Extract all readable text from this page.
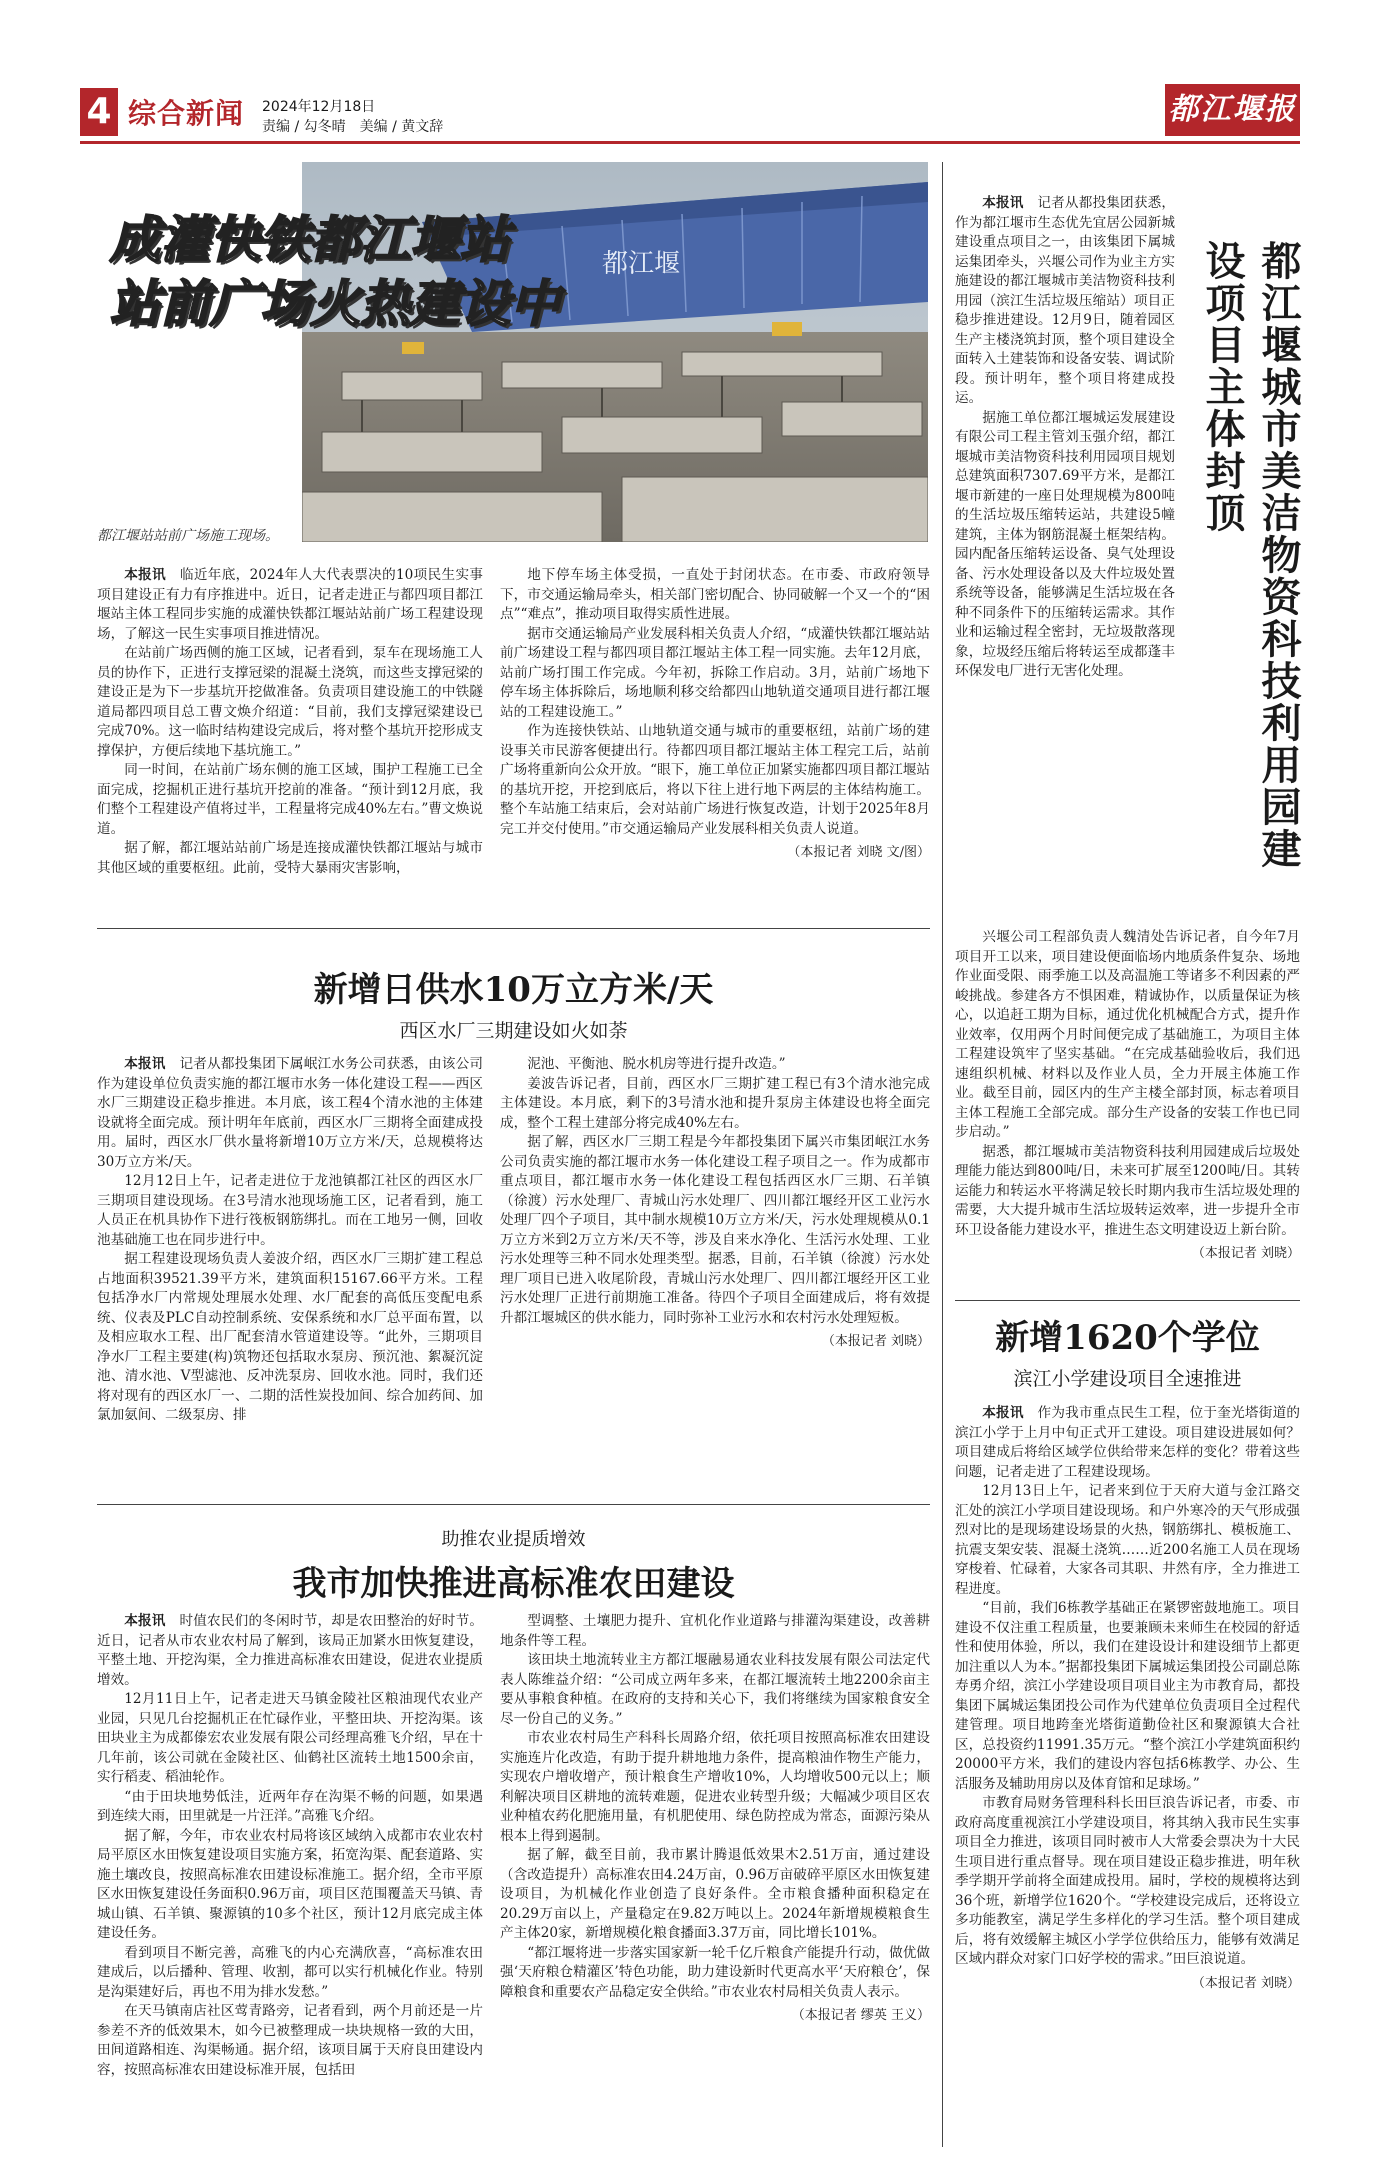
4 综合新闻 2024年12月18日
责编 / 勾冬晴　美编 / 黄文辞	都江堰报
都江堰
成灌快铁都江堰站
站前广场火热建设中
都江堰站站前广场施工现场。

本报讯　 临近年底，2024年人大代表票决的10项民生实事项目建设正有力有序推进中。近日，记者走进正与都四项目都江堰站主体工程同步实施的成灌快铁都江堰站站前广场工程建设现场，了解这一民生实事项目推进情况。

在站前广场西侧的施工区域，记者看到，泵车在现场施工人员的协作下，正进行支撑冠梁的混凝土浇筑，而这些支撑冠梁的建设正是为下一步基坑开挖做准备。负责项目建设施工的中铁隧道局都四项目总工曹文焕介绍道：“目前，我们支撑冠梁建设已完成70%。这一临时结构建设完成后，将对整个基坑开挖形成支撑保护，方便后续地下基坑施工。”

同一时间，在站前广场东侧的施工区域，围护工程施工已全面完成，挖掘机正进行基坑开挖前的准备。“预计到12月底，我们整个工程建设产值将过半，工程量将完成40%左右。”曹文焕说道。

据了解，都江堰站站前广场是连接成灌快铁都江堰站与城市其他区域的重要枢纽。此前，受特大暴雨灾害影响，

地下停车场主体受损，一直处于封闭状态。在市委、市政府领导下，市交通运输局牵头，相关部门密切配合、协同破解一个又一个的“困点”“难点”，推动项目取得实质性进展。

据市交通运输局产业发展科相关负责人介绍，“成灌快铁都江堰站站前广场建设工程与都四项目都江堰站主体工程一同实施。去年12月底，站前广场打围工作完成。今年初，拆除工作启动。3月，站前广场地下停车场主体拆除后，场地顺利移交给都四山地轨道交通项目进行都江堰站的工程建设施工。”

作为连接快铁站、山地轨道交通与城市的重要枢纽，站前广场的建设事关市民游客便捷出行。待都四项目都江堰站主体工程完工后，站前广场将重新向公众开放。“眼下，施工单位正加紧实施都四项目都江堰站的基坑开挖，开挖到底后，将以下往上进行地下两层的主体结构施工。整个车站施工结束后，会对站前广场进行恢复改造，计划于2025年8月完工并交付使用。”市交通运输局产业发展科相关负责人说道。

（本报记者 刘晓 文/图）

新增日供水10万立方米/天
西区水厂三期建设如火如荼

本报讯　 记者从都投集团下属岷江水务公司获悉，由该公司作为建设单位负责实施的都江堰市水务一体化建设工程——西区水厂三期建设正稳步推进。本月底，该工程4个清水池的主体建设就将全面完成。预计明年年底前，西区水厂三期将全面建成投用。届时，西区水厂供水量将新增10万立方米/天，总规模将达30万立方米/天。

12月12日上午，记者走进位于龙池镇都江社区的西区水厂三期项目建设现场。在3号清水池现场施工区，记者看到，施工人员正在机具协作下进行筏板钢筋绑扎。而在工地另一侧，回收池基础施工也在同步进行中。

据工程建设现场负责人姜波介绍，西区水厂三期扩建工程总占地面积39521.39平方米，建筑面积15167.66平方米。工程包括净水厂内常规处理展水处理、水厂配套的高低压变配电系统、仪表及PLC自动控制系统、安保系统和水厂总平面布置，以及相应取水工程、出厂配套清水管道建设等。“此外，三期项目净水厂工程主要建(构)筑物还包括取水泵房、预沉池、絮凝沉淀池、清水池、V型滤池、反冲洗泵房、回收水池。同时，我们还将对现有的西区水厂一、二期的活性炭投加间、综合加药间、加氯加氨间、二级泵房、排

泥池、平衡池、脱水机房等进行提升改造。”

姜波告诉记者，目前，西区水厂三期扩建工程已有3个清水池完成主体建设。本月底，剩下的3号清水池和提升泵房主体建设也将全面完成，整个工程土建部分将完成40%左右。

据了解，西区水厂三期工程是今年都投集团下属兴市集团岷江水务公司负责实施的都江堰市水务一体化建设工程子项目之一。作为成都市重点项目，都江堰市水务一体化建设工程包括西区水厂三期、石羊镇（徐渡）污水处理厂、青城山污水处理厂、四川都江堰经开区工业污水处理厂四个子项目，其中制水规模10万立方米/天，污水处理规模从0.1万立方米到2万立方米/天不等，涉及自来水净化、生活污水处理、工业污水处理等三种不同水处理类型。据悉，目前，石羊镇（徐渡）污水处理厂项目已进入收尾阶段，青城山污水处理厂、四川都江堰经开区工业污水处理厂正进行前期施工准备。待四个子项目全面建成后，将有效提升都江堰城区的供水能力，同时弥补工业污水和农村污水处理短板。

（本报记者 刘晓）

助推农业提质增效
我市加快推进高标准农田建设

本报讯　 时值农民们的冬闲时节，却是农田整治的好时节。近日，记者从市农业农村局了解到，该局正加紧水田恢复建设，平整土地、开挖沟渠，全力推进高标准农田建设，促进农业提质增效。

12月11日上午，记者走进天马镇金陵社区粮油现代农业产业园，只见几台挖掘机正在忙碌作业，平整田块、开挖沟渠。该田块业主为成都傣宏农业发展有限公司经理高雅飞介绍，早在十几年前，该公司就在金陵社区、仙鹤社区流转土地1500余亩，实行稻麦、稻油轮作。

“由于田块地势低洼，近两年存在沟渠不畅的问题，如果遇到连续大雨，田里就是一片汪洋。”高雅飞介绍。

据了解，今年，市农业农村局将该区域纳入成都市农业农村局平原区水田恢复建设项目实施方案，拓宽沟渠、配套道路、实施土壤改良，按照高标准农田建设标准施工。据介绍，全市平原区水田恢复建设任务面积0.96万亩，项目区范围覆盖天马镇、青城山镇、石羊镇、聚源镇的10多个社区，预计12月底完成主体建设任务。

看到项目不断完善，高雅飞的内心充满欣喜，“高标准农田建成后，以后播种、管理、收割，都可以实行机械化作业。特别是沟渠建好后，再也不用为排水发愁。”

在天马镇南店社区莺青路旁，记者看到，两个月前还是一片参差不齐的低效果木，如今已被整理成一块块规格一致的大田，田间道路相连、沟渠畅通。据介绍，该项目属于天府良田建设内容，按照高标准农田建设标准开展，包括田

型调整、土壤肥力提升、宜机化作业道路与排灌沟渠建设，改善耕地条件等工程。

该田块土地流转业主方都江堰融易通农业科技发展有限公司法定代表人陈维益介绍：“公司成立两年多来，在都江堰流转土地2200余亩主要从事粮食种植。在政府的支持和关心下，我们将继续为国家粮食安全尽一份自己的义务。”

市农业农村局生产科科长周路介绍，依托项目按照高标准农田建设实施连片化改造，有助于提升耕地地力条件，提高粮油作物生产能力，实现农户增收增产，预计粮食生产增收10%，人均增收500元以上；顺利解决项目区耕地的流转难题，促进农业转型升级；大幅减少项目区农业种植农药化肥施用量，有机肥使用、绿色防控成为常态，面源污染从根本上得到遏制。

据了解，截至目前，我市累计腾退低效果木2.51万亩，通过建设（含改造提升）高标准农田4.24万亩，0.96万亩破碎平原区水田恢复建设项目，为机械化作业创造了良好条件。全市粮食播种面积稳定在20.29万亩以上，产量稳定在9.82万吨以上。2024年新增规模粮食生产主体20家，新增规模化粮食播面3.37万亩，同比增长101%。

“都江堰将进一步落实国家新一轮千亿斤粮食产能提升行动，做优做强‘天府粮仓精灌区’特色功能，助力建设新时代更高水平‘天府粮仓’，保障粮食和重要农产品稳定安全供给。”市农业农村局相关负责人表示。

（本报记者 缪英 王义）

都江堰城市美洁物资科技利用园建设项目主体封顶

本报讯　 记者从都投集团获悉，作为都江堰市生态优先宜居公园新城建设重点项目之一，由该集团下属城运集团牵头，兴堰公司作为业主方实施建设的都江堰城市美洁物资科技利用园（滨江生活垃圾压缩站）项目正稳步推进建设。12月9日，随着园区生产主楼浇筑封顶，整个项目建设全面转入土建装饰和设备安装、调试阶段。预计明年，整个项目将建成投运。

据施工单位都江堰城运发展建设有限公司工程主管刘玉强介绍，都江堰城市美洁物资科技利用园项目规划总建筑面积7307.69平方米，是都江堰市新建的一座日处理规模为800吨的生活垃圾压缩转运站，共建设5幢建筑，主体为钢筋混凝土框架结构。园内配备压缩转运设备、臭气处理设备、污水处理设备以及大件垃圾处置系统等设备，能够满足生活垃圾在各种不同条件下的压缩转运需求。其作业和运输过程全密封，无垃圾散落现象，垃圾经压缩后将转运至成都蓬丰环保发电厂进行无害化处理。

兴堰公司工程部负责人魏清处告诉记者，自今年7月项目开工以来，项目建设便面临场内地质条件复杂、场地作业面受限、雨季施工以及高温施工等诸多不利因素的严峻挑战。参建各方不惧困难，精诚协作，以质量保证为核心，以追赶工期为目标，通过优化机械配合方式，提升作业效率，仅用两个月时间便完成了基础施工，为项目主体工程建设筑牢了坚实基础。“在完成基础验收后，我们迅速组织机械、材料以及作业人员，全力开展主体施工作业。截至目前，园区内的生产主楼全部封顶，标志着项目主体工程施工全部完成。部分生产设备的安装工作也已同步启动。”

据悉，都江堰城市美洁物资科技利用园建成后垃圾处理能力能达到800吨/日，未来可扩展至1200吨/日。其转运能力和转运水平将满足较长时期内我市生活垃圾处理的需要，大大提升城市生活垃圾转运效率，进一步提升全市环卫设备能力建设水平，推进生态文明建设迈上新台阶。

（本报记者 刘晓）

新增1620个学位
滨江小学建设项目全速推进

本报讯　 作为我市重点民生工程，位于奎光塔街道的滨江小学于上月中旬正式开工建设。项目建设进展如何？项目建成后将给区域学位供给带来怎样的变化？带着这些问题，记者走进了工程建设现场。

12月13日上午，记者来到位于天府大道与金江路交汇处的滨江小学项目建设现场。和户外寒冷的天气形成强烈对比的是现场建设场景的火热，钢筋绑扎、模板施工、抗震支架安装、混凝土浇筑……近200名施工人员在现场穿梭着、忙碌着，大家各司其职、井然有序，全力推进工程进度。

“目前，我们6栋教学基础正在紧锣密鼓地施工。项目建设不仅注重工程质量，也要兼顾未来师生在校园的舒适性和使用体验，所以，我们在建设设计和建设细节上都更加注重以人为本。”据都投集团下属城运集团投公司副总陈寿勇介绍，滨江小学建设项目项目业主为市教育局，都投集团下属城运集团投公司作为代建单位负责项目全过程代建管理。项目地跨奎光塔街道勤俭社区和聚源镇大合社区，总投资约11991.35万元。“整个滨江小学建筑面积约20000平方米，我们的建设内容包括6栋教学、办公、生活服务及辅助用房以及体育馆和足球场。”

市教育局财务管理科科长田巨浪告诉记者，市委、市政府高度重视滨江小学建设项目，将其纳入我市民生实事项目全力推进，该项目同时被市人大常委会票决为十大民生项目进行重点督导。现在项目建设正稳步推进，明年秋季学期开学前将全面建成投用。届时，学校的规模将达到36个班，新增学位1620个。“学校建设完成后，还将设立多功能教室，满足学生多样化的学习生活。整个项目建成后，将有效缓解主城区小学学位供给压力，能够有效满足区域内群众对家门口好学校的需求。”田巨浪说道。

（本报记者 刘晓）
